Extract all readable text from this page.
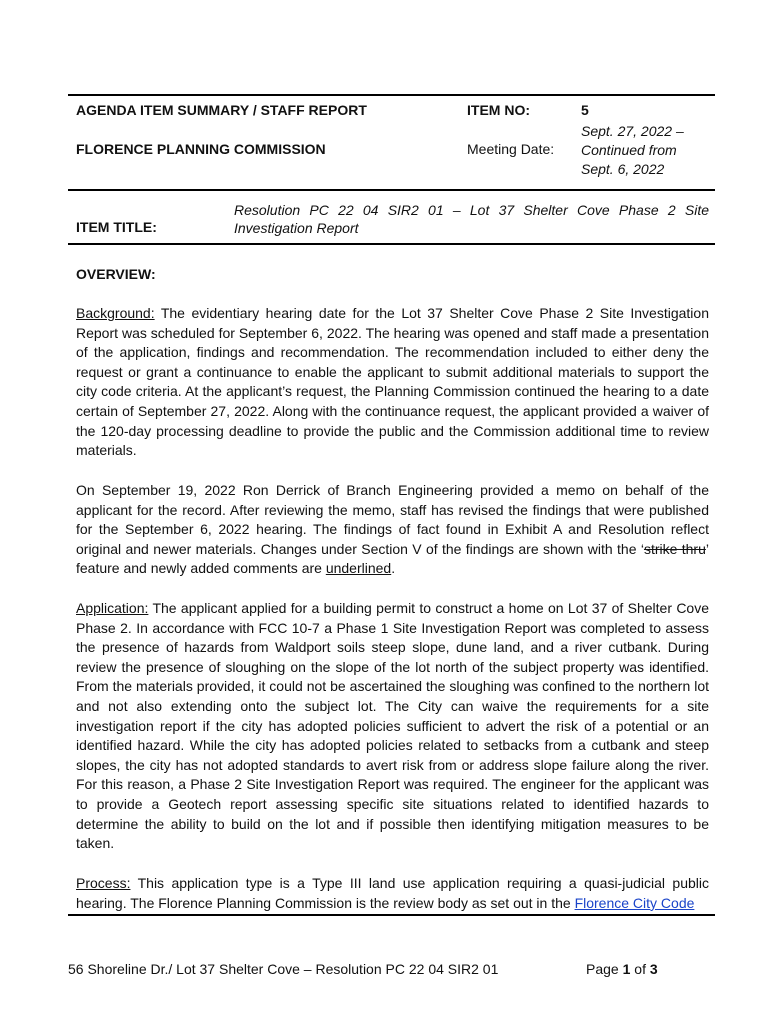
AGENDA ITEM SUMMARY / STAFF REPORT	ITEM NO:	5
FLORENCE PLANNING COMMISSION	Meeting Date:
Sept. 27, 2022 –
Continued from
Sept. 6, 2022
ITEM TITLE:
Resolution PC 22 04 SIR2 01 – Lot 37 Shelter Cove Phase 2 Site
Investigation Report
OVERVIEW:
Background: The evidentiary hearing date for the Lot 37 Shelter Cove Phase 2 Site Investigation Report was scheduled for September 6, 2022. The hearing was opened and staff made a presentation of the application, findings and recommendation. The recommendation included to either deny the request or grant a continuance to enable the applicant to submit additional materials to support the city code criteria. At the applicant’s request, the Planning Commission continued the hearing to a date certain of September 27, 2022. Along with the continuance request, the applicant provided a waiver of the 120-day processing deadline to provide the public and the Commission additional time to review materials.
On September 19, 2022 Ron Derrick of Branch Engineering provided a memo on behalf of the applicant for the record. After reviewing the memo, staff has revised the findings that were published for the September 6, 2022 hearing. The findings of fact found in Exhibit A and Resolution reflect original and newer materials. Changes under Section V of the findings are shown with the ‘strike thru’ feature and newly added comments are underlined.
Application: The applicant applied for a building permit to construct a home on Lot 37 of Shelter Cove Phase 2. In accordance with FCC 10-7 a Phase 1 Site Investigation Report was completed to assess the presence of hazards from Waldport soils steep slope, dune land, and a river cutbank. During review the presence of sloughing on the slope of the lot north of the subject property was identified. From the materials provided, it could not be ascertained the sloughing was confined to the northern lot and not also extending onto the subject lot. The City can waive the requirements for a site investigation report if the city has adopted policies sufficient to advert the risk of a potential or an identified hazard. While the city has adopted policies related to setbacks from a cutbank and steep slopes, the city has not adopted standards to avert risk from or address slope failure along the river. For this reason, a Phase 2 Site Investigation Report was required. The engineer for the applicant was to provide a Geotech report assessing specific site situations related to identified hazards to determine the ability to build on the lot and if possible then identifying mitigation measures to be taken.
Process: This application type is a Type III land use application requiring a quasi-judicial public hearing. The Florence Planning Commission is the review body as set out in the Florence City Code
56 Shoreline Dr./ Lot 37 Shelter Cove – Resolution PC 22 04 SIR2 01	Page 1 of 3
